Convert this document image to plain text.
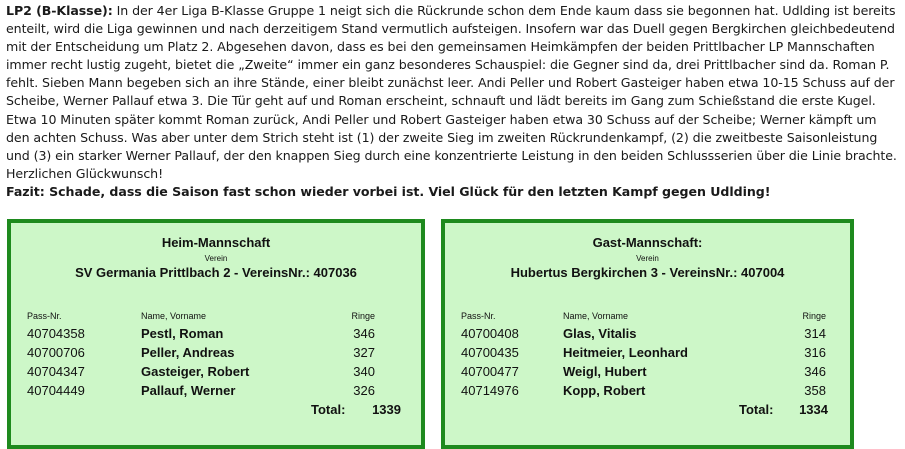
LP2 (B-Klasse): In der 4er Liga B-Klasse Gruppe 1 neigt sich die Rückrunde schon dem Ende kaum dass sie begonnen hat. Udlding ist bereits enteilt, wird die Liga gewinnen und nach derzeitigem Stand vermutlich aufsteigen. Insofern war das Duell gegen Bergkirchen gleichbedeutend mit der Entscheidung um Platz 2. Abgesehen davon, dass es bei den gemeinsamen Heimkämpfen der beiden Prittlbacher LP Mannschaften immer recht lustig zugeht, bietet die „Zweite“ immer ein ganz besonderes Schauspiel: die Gegner sind da, drei Prittlbacher sind da. Roman P. fehlt. Sieben Mann begeben sich an ihre Stände, einer bleibt zunächst leer. Andi Peller und Robert Gasteiger haben etwa 10-15 Schuss auf der Scheibe, Werner Pallauf etwa 3. Die Tür geht auf und Roman erscheint, schnauft und lädt bereits im Gang zum Schießstand die erste Kugel. Etwa 10 Minuten später kommt Roman zurück, Andi Peller und Robert Gasteiger haben etwa 30 Schuss auf der Scheibe; Werner kämpft um den achten Schuss. Was aber unter dem Strich steht ist (1) der zweite Sieg im zweiten Rückrundenkampf, (2) die zweitbeste Saisonleistung und (3) ein starker Werner Pallauf, der den knappen Sieg durch eine konzentrierte Leistung in den beiden Schlussserien über die Linie brachte. Herzlichen Glückwunsch!

Fazit: Schade, dass die Saison fast schon wieder vorbei ist. Viel Glück für den letzten Kampf gegen Udlding!

Heim-Mannschaft
Verein
SV Germania Prittlbach 2 - VereinsNr.: 407036
Pass-Nr.	Name, Vorname	Ringe
40704358	Pestl, Roman	346
40700706	Peller, Andreas	327
40704347	Gasteiger, Robert	340
40704449	Pallauf, Werner	326
Total: 1339
Gast-Mannschaft:
Verein
Hubertus Bergkirchen 3 - VereinsNr.: 407004
Pass-Nr.	Name, Vorname	Ringe
40700408	Glas, Vitalis	314
40700435	Heitmeier, Leonhard	316
40700477	Weigl, Hubert	346
40714976	Kopp, Robert	358
Total: 1334
